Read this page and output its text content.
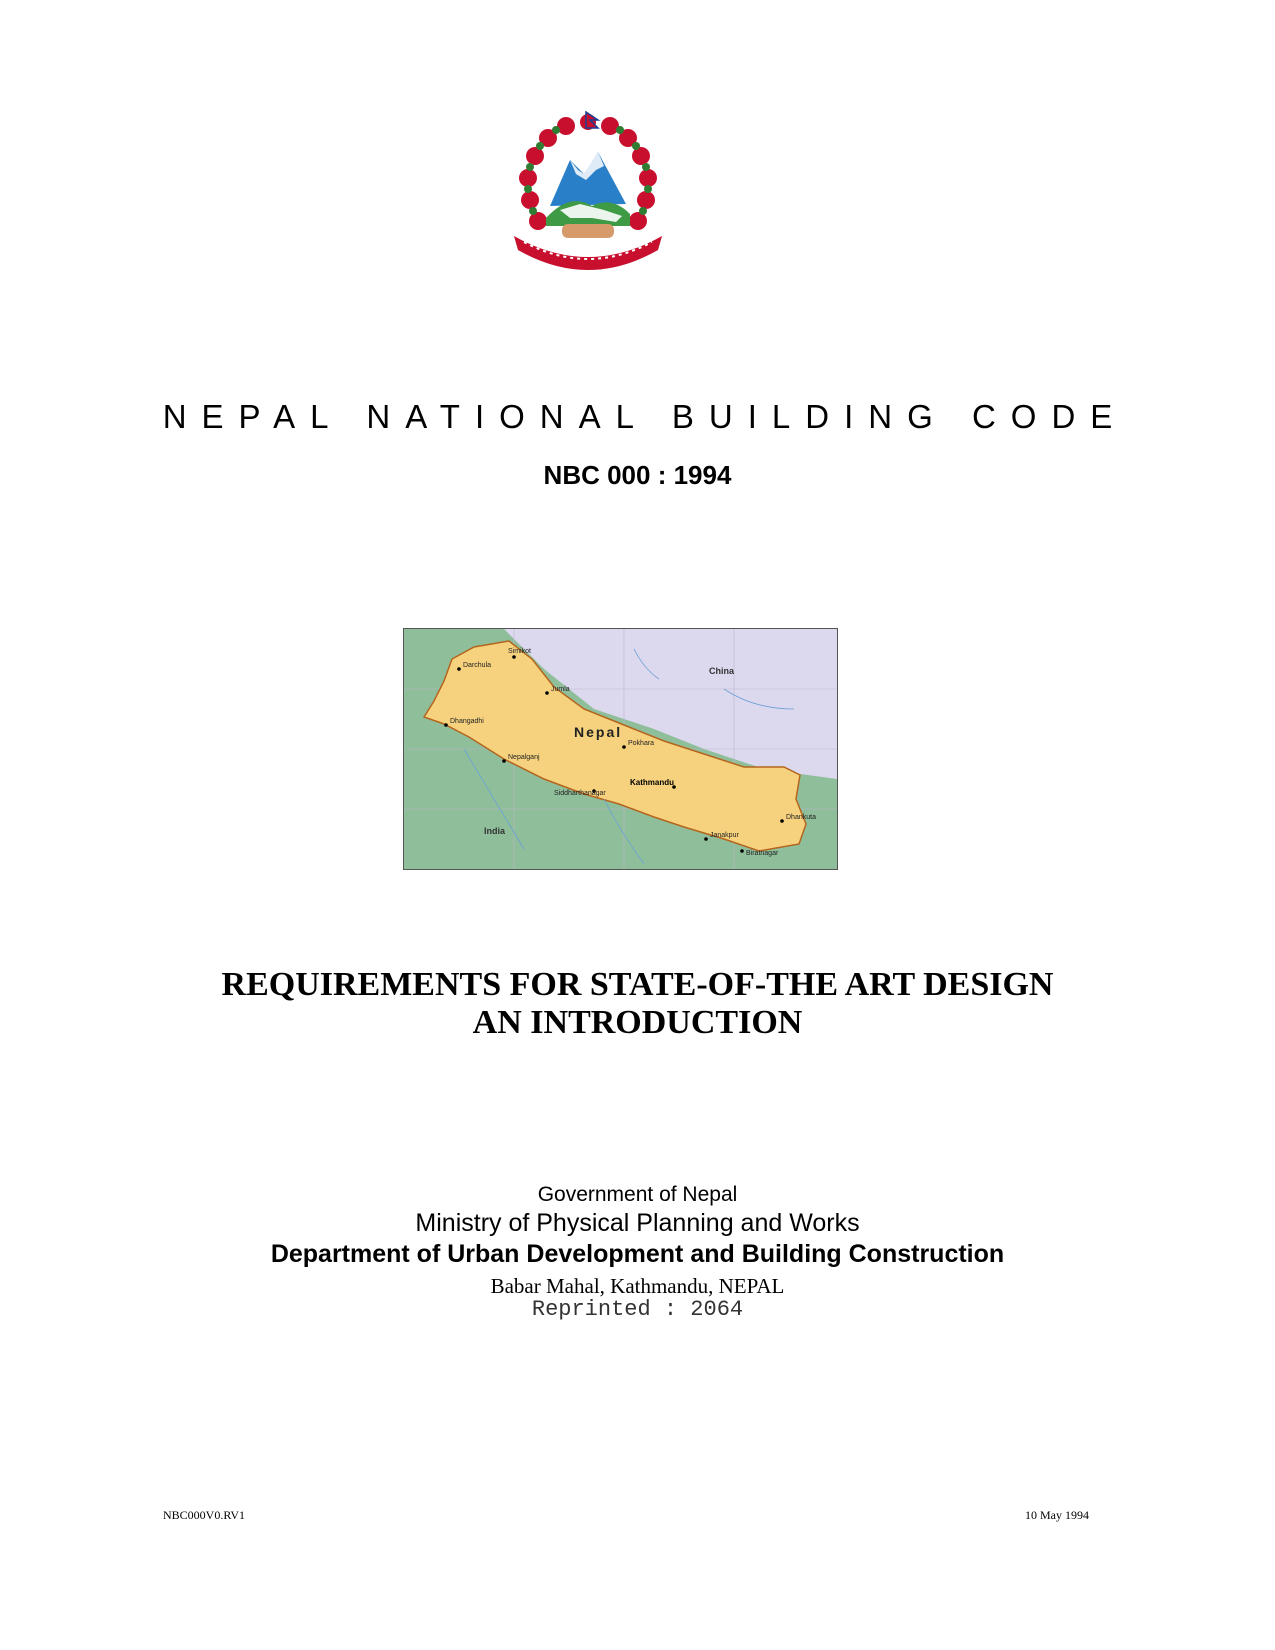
NEPAL NATIONAL BUILDING CODE
NBC 000 : 1994
Darchula
Simikot
Jumla
Dhangadhi
Nepalganj
Pokhara
Siddharthanagar
Janakpur
Biratnagar
Dhankuta
Kathmandu
Nepal
China
India
REQUIREMENTS FOR STATE-OF-THE ART DESIGN
AN INTRODUCTION
Government of Nepal
Ministry of Physical Planning and Works
Department of Urban Development and Building Construction
Babar Mahal, Kathmandu, NEPAL
Reprinted : 2064
NBC000V0.RV1	10 May 1994
